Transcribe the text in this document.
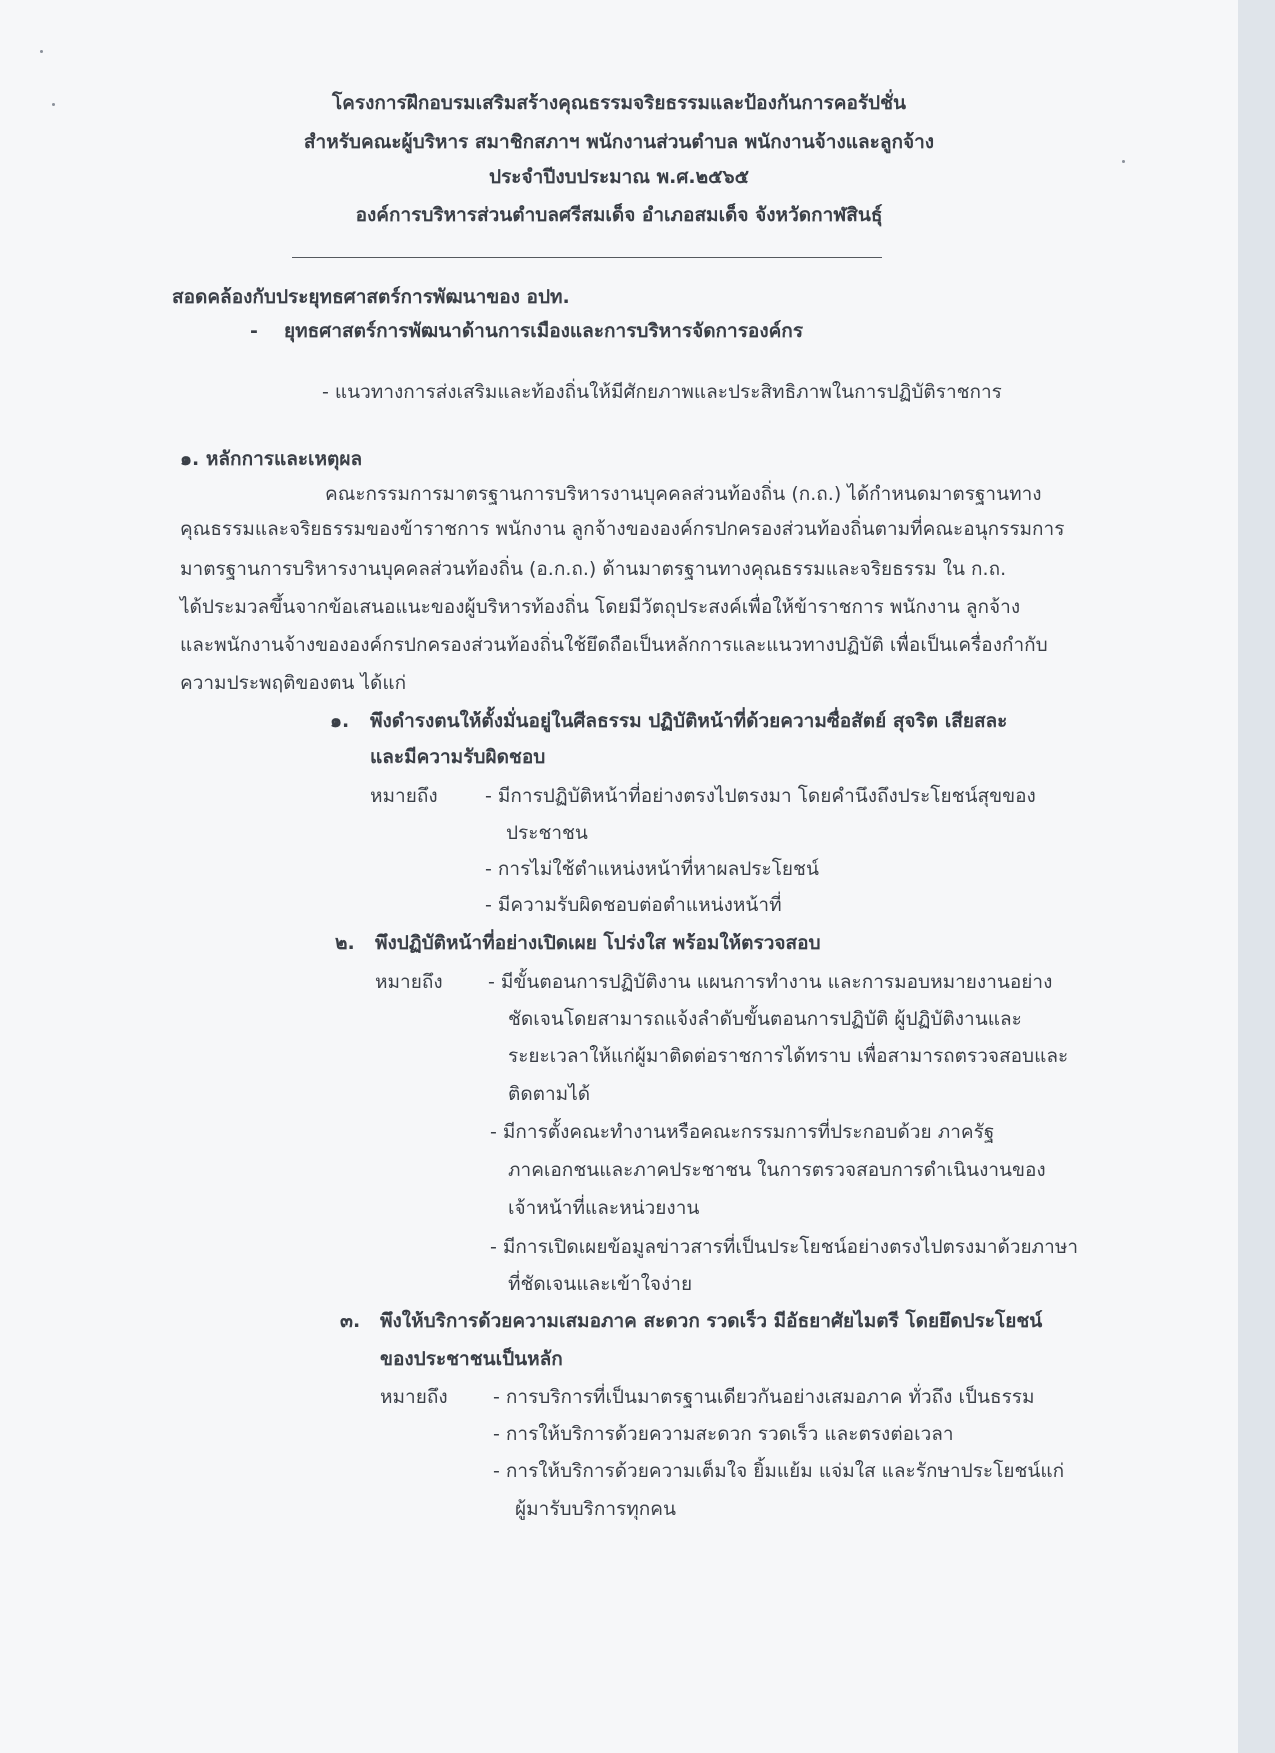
โครงการฝึกอบรมเสริมสร้างคุณธรรมจริยธรรมและป้องกันการคอรัปชั่น
สำหรับคณะผู้บริหาร สมาชิกสภาฯ พนักงานส่วนตำบล พนักงานจ้างและลูกจ้าง
ประจำปีงบประมาณ พ.ศ.๒๕๖๕
องค์การบริหารส่วนตำบลศรีสมเด็จ อำเภอสมเด็จ จังหวัดกาฬสินธุ์
สอดคล้องกับประยุทธศาสตร์การพัฒนาของ อปท.
- ยุทธศาสตร์การพัฒนาด้านการเมืองและการบริหารจัดการองค์กร
- แนวทางการส่งเสริมและท้องถิ่นให้มีศักยภาพและประสิทธิภาพในการปฏิบัติราชการ
๑. หลักการและเหตุผล
คณะกรรมการมาตรฐานการบริหารงานบุคคลส่วนท้องถิ่น (ก.ถ.) ได้กำหนดมาตรฐานทาง
คุณธรรมและจริยธรรมของข้าราชการ พนักงาน ลูกจ้างขององค์กรปกครองส่วนท้องถิ่นตามที่คณะอนุกรรมการ
มาตรฐานการบริหารงานบุคคลส่วนท้องถิ่น (อ.ก.ถ.) ด้านมาตรฐานทางคุณธรรมและจริยธรรม ใน ก.ถ.
ได้ประมวลขึ้นจากข้อเสนอแนะของผู้บริหารท้องถิ่น โดยมีวัตถุประสงค์เพื่อให้ข้าราชการ พนักงาน ลูกจ้าง
และพนักงานจ้างขององค์กรปกครองส่วนท้องถิ่นใช้ยึดถือเป็นหลักการและแนวทางปฏิบัติ เพื่อเป็นเครื่องกำกับ
ความประพฤติของตน ได้แก่
๑. พึงดำรงตนให้ตั้งมั่นอยู่ในศีลธรรม ปฏิบัติหน้าที่ด้วยความซื่อสัตย์ สุจริต เสียสละ
และมีความรับผิดชอบ
หมายถึง - มีการปฏิบัติหน้าที่อย่างตรงไปตรงมา โดยคำนึงถึงประโยชน์สุขของ
ประชาชน
- การไม่ใช้ตำแหน่งหน้าที่หาผลประโยชน์
- มีความรับผิดชอบต่อตำแหน่งหน้าที่
๒. พึงปฏิบัติหน้าที่อย่างเปิดเผย โปร่งใส พร้อมให้ตรวจสอบ
หมายถึง - มีขั้นตอนการปฏิบัติงาน แผนการทำงาน และการมอบหมายงานอย่าง
ชัดเจนโดยสามารถแจ้งลำดับขั้นตอนการปฏิบัติ ผู้ปฏิบัติงานและ
ระยะเวลาให้แก่ผู้มาติดต่อราชการได้ทราบ เพื่อสามารถตรวจสอบและ
ติดตามได้
- มีการตั้งคณะทำงานหรือคณะกรรมการที่ประกอบด้วย ภาครัฐ
ภาคเอกชนและภาคประชาชน ในการตรวจสอบการดำเนินงานของ
เจ้าหน้าที่และหน่วยงาน
- มีการเปิดเผยข้อมูลข่าวสารที่เป็นประโยชน์อย่างตรงไปตรงมาด้วยภาษา
ที่ชัดเจนและเข้าใจง่าย
๓. พึงให้บริการด้วยความเสมอภาค สะดวก รวดเร็ว มีอัธยาศัยไมตรี โดยยึดประโยชน์
ของประชาชนเป็นหลัก
หมายถึง - การบริการที่เป็นมาตรฐานเดียวกันอย่างเสมอภาค ทั่วถึง เป็นธรรม
- การให้บริการด้วยความสะดวก รวดเร็ว และตรงต่อเวลา
- การให้บริการด้วยความเต็มใจ ยิ้มแย้ม แจ่มใส และรักษาประโยชน์แก่
ผู้มารับบริการทุกคน
